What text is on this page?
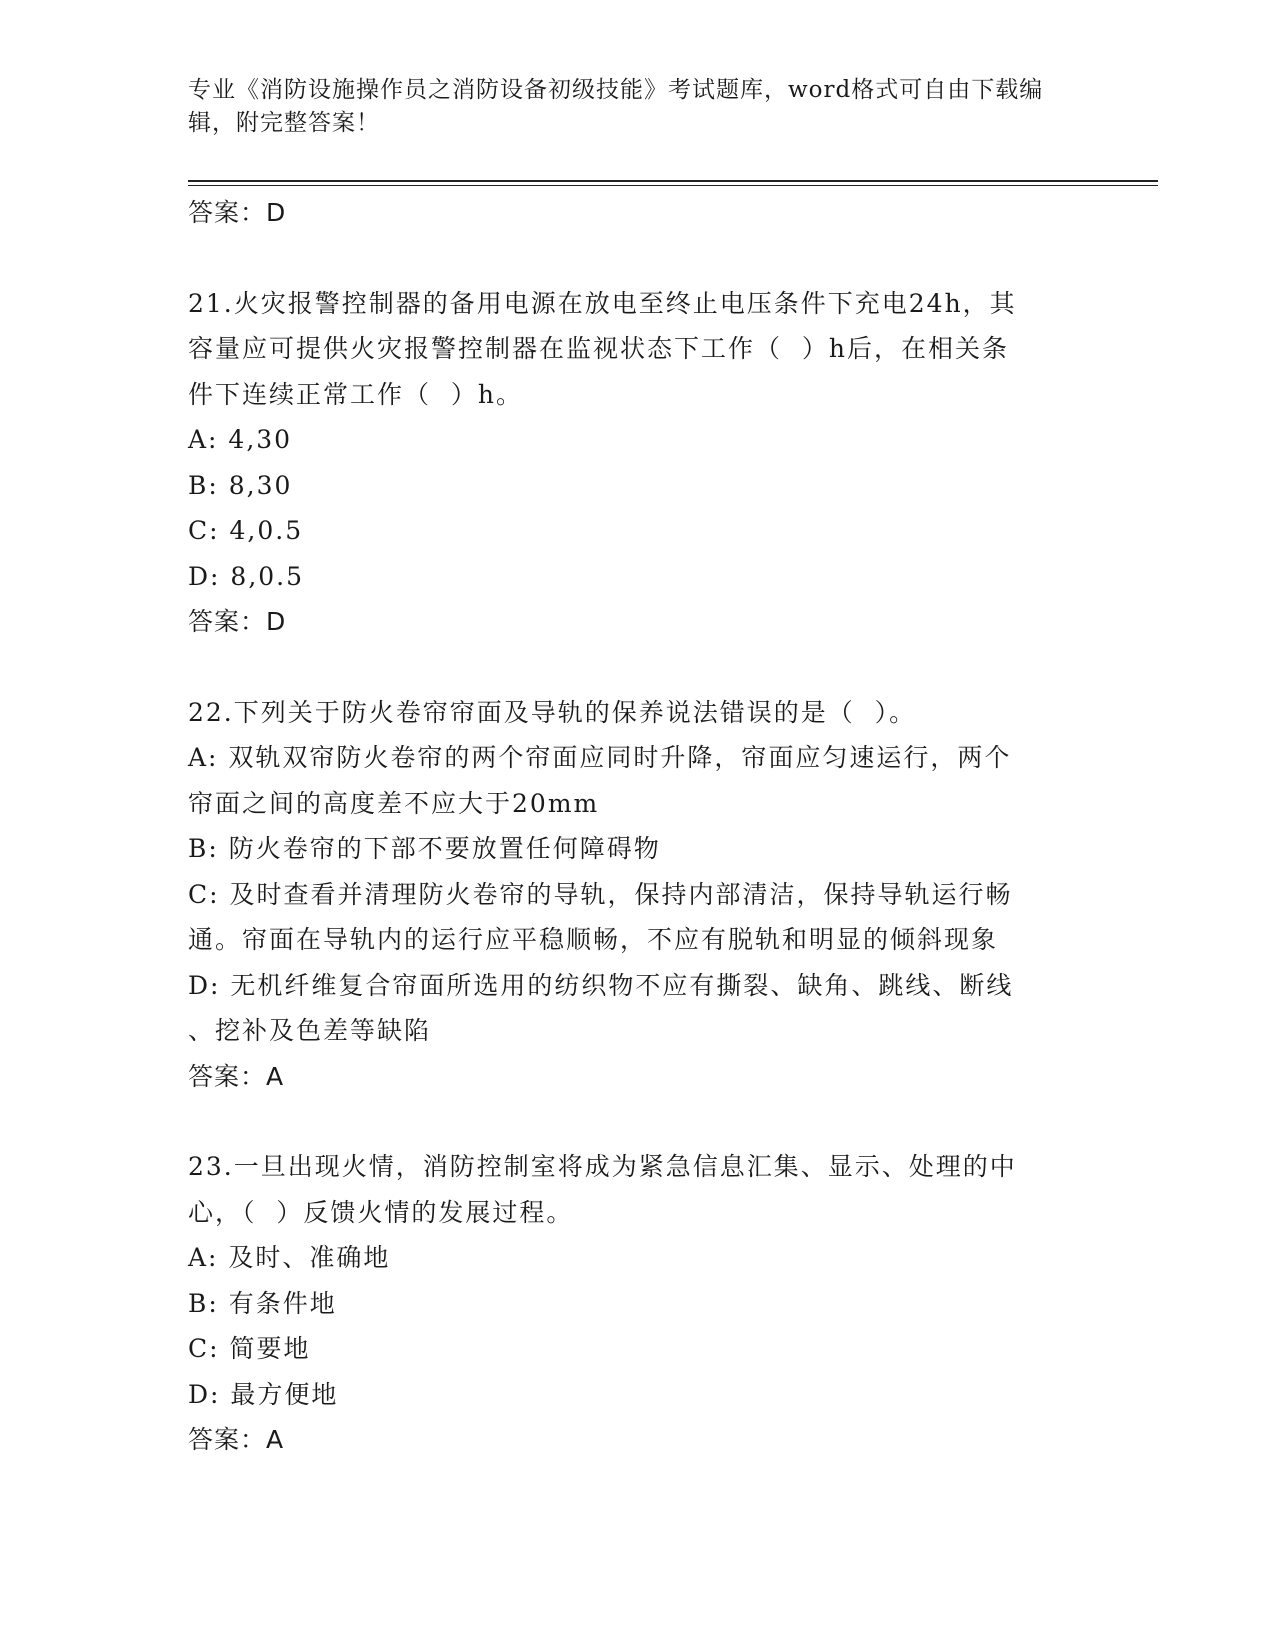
专业《消防设施操作员之消防设备初级技能》考试题库，word格式可自由下载编
辑，附完整答案！
答案：D
21.火灾报警控制器的备用电源在放电至终止电压条件下充电24h，其
容量应可提供火灾报警控制器在监视状态下工作（  ）h后，在相关条
件下连续正常工作（  ）h。
A: 4,30
B: 8,30
C: 4,0.5
D: 8,0.5
答案：D
22.下列关于防火卷帘帘面及导轨的保养说法错误的是（  ）。
A: 双轨双帘防火卷帘的两个帘面应同时升降，帘面应匀速运行，两个
帘面之间的高度差不应大于20mm
B: 防火卷帘的下部不要放置任何障碍物
C: 及时查看并清理防火卷帘的导轨，保持内部清洁，保持导轨运行畅
通。帘面在导轨内的运行应平稳顺畅，不应有脱轨和明显的倾斜现象
D: 无机纤维复合帘面所选用的纺织物不应有撕裂、缺角、跳线、断线
、挖补及色差等缺陷
答案：A
23.一旦出现火情，消防控制室将成为紧急信息汇集、显示、处理的中
心，（  ）反馈火情的发展过程。
A: 及时、准确地
B: 有条件地
C: 简要地
D: 最方便地
答案：A
